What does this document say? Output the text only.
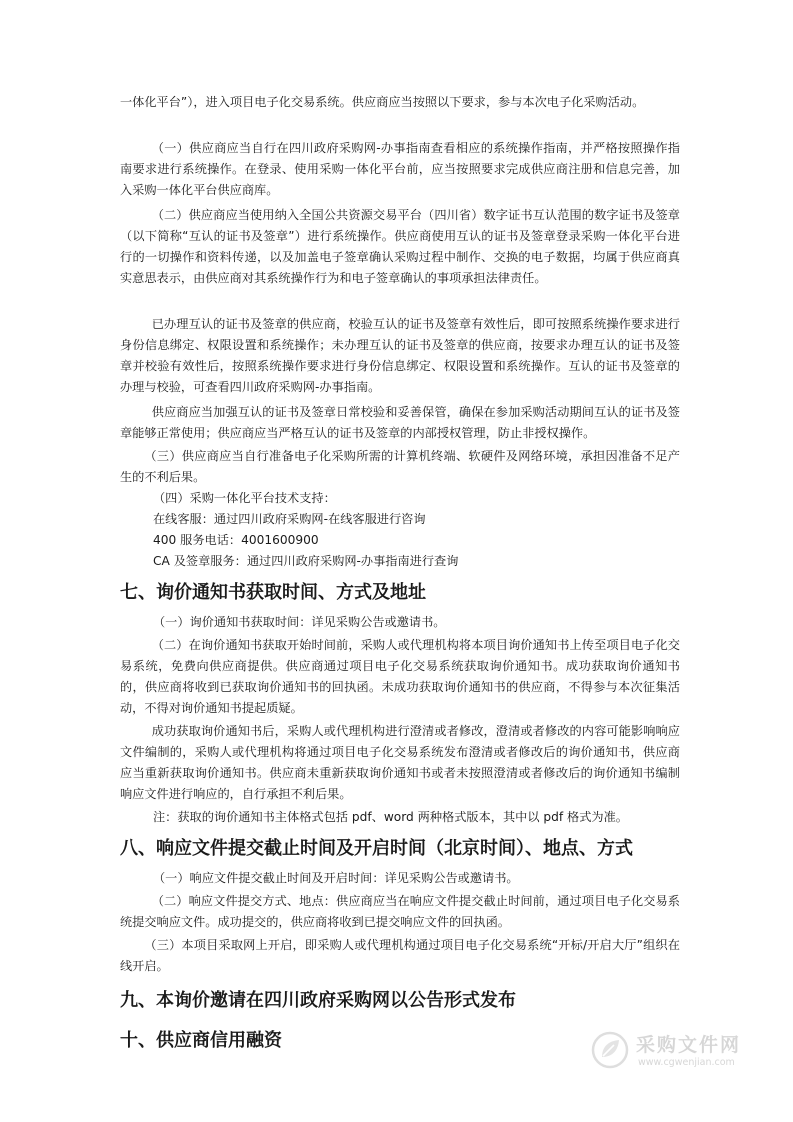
一体化平台”），进入项目电子化交易系统。供应商应当按照以下要求，参与本次电子化采购活动。

（一）供应商应当自行在四川政府采购网-办事指南查看相应的系统操作指南，并严格按照操作指南要求进行系统操作。在登录、使用采购一体化平台前，应当按照要求完成供应商注册和信息完善，加入采购一体化平台供应商库。

（二）供应商应当使用纳入全国公共资源交易平台（四川省）数字证书互认范围的数字证书及签章（以下简称“互认的证书及签章”）进行系统操作。供应商使用互认的证书及签章登录采购一体化平台进行的一切操作和资料传递，以及加盖电子签章确认采购过程中制作、交换的电子数据，均属于供应商真实意思表示，由供应商对其系统操作行为和电子签章确认的事项承担法律责任。

已办理互认的证书及签章的供应商，校验互认的证书及签章有效性后，即可按照系统操作要求进行身份信息绑定、权限设置和系统操作；未办理互认的证书及签章的供应商，按要求办理互认的证书及签章并校验有效性后，按照系统操作要求进行身份信息绑定、权限设置和系统操作。互认的证书及签章的办理与校验，可查看四川政府采购网-办事指南。

供应商应当加强互认的证书及签章日常校验和妥善保管，确保在参加采购活动期间互认的证书及签章能够正常使用；供应商应当严格互认的证书及签章的内部授权管理，防止非授权操作。

（三）供应商应当自行准备电子化采购所需的计算机终端、软硬件及网络环境，承担因准备不足产生的不利后果。

（四）采购一体化平台技术支持：

在线客服：通过四川政府采购网-在线客服进行咨询

400 服务电话：4001600900

CA 及签章服务：通过四川政府采购网-办事指南进行查询

七、询价通知书获取时间、方式及地址

（一）询价通知书获取时间：详见采购公告或邀请书。

（二）在询价通知书获取开始时间前，采购人或代理机构将本项目询价通知书上传至项目电子化交易系统，免费向供应商提供。供应商通过项目电子化交易系统获取询价通知书。成功获取询价通知书的，供应商将收到已获取询价通知书的回执函。未成功获取询价通知书的供应商，不得参与本次征集活动，不得对询价通知书提起质疑。

成功获取询价通知书后，采购人或代理机构进行澄清或者修改，澄清或者修改的内容可能影响响应文件编制的，采购人或代理机构将通过项目电子化交易系统发布澄清或者修改后的询价通知书，供应商应当重新获取询价通知书。供应商未重新获取询价通知书或者未按照澄清或者修改后的询价通知书编制响应文件进行响应的，自行承担不利后果。

注：获取的询价通知书主体格式包括 pdf、word 两种格式版本，其中以 pdf 格式为准。

八、响应文件提交截止时间及开启时间（北京时间）、地点、方式

（一）响应文件提交截止时间及开启时间：详见采购公告或邀请书。

（二）响应文件提交方式、地点：供应商应当在响应文件提交截止时间前，通过项目电子化交易系统提交响应文件。成功提交的，供应商将收到已提交响应文件的回执函。

（三）本项目采取网上开启，即采购人或代理机构通过项目电子化交易系统“开标/开启大厅”组织在线开启。

九、本询价邀请在四川政府采购网以公告形式发布
十、供应商信用融资	采购文件网
www.cgwenjian.com
